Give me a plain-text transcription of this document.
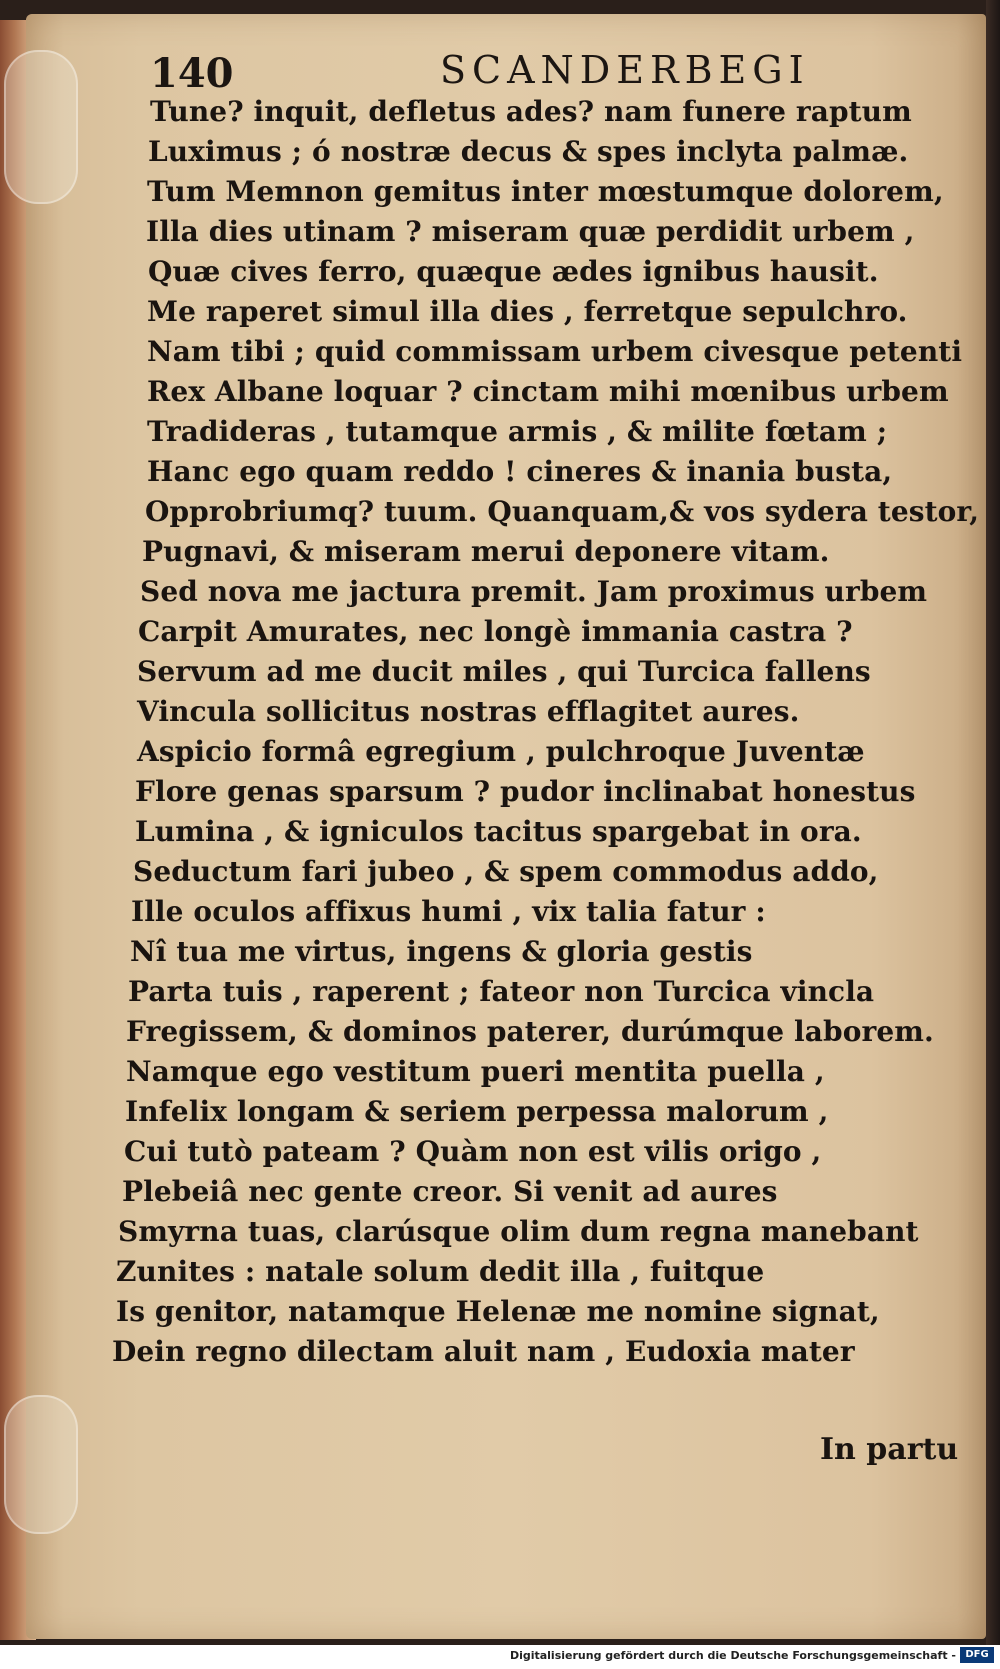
140	SCANDERBEGI
Tune? inquit, defletus ades? nam funere raptum
Luximus ; ó nostræ decus & spes inclyta palmæ.
Tum Memnon gemitus inter mœstumque dolorem,
Illa dies utinam ? miseram quæ perdidit urbem ,
Quæ cives ferro, quæque ædes ignibus hausit.
Me raperet simul illa dies , ferretque sepulchro.
Nam tibi ; quid commissam urbem civesque petenti
Rex Albane loquar ? cinctam mihi mœnibus urbem
Tradideras , tutamque armis , & milite fœtam ;
Hanc ego quam reddo ! cineres & inania busta,
Opprobriumq? tuum. Quanquam,& vos sydera testor,
Pugnavi, & miseram merui deponere vitam.
Sed nova me jactura premit. Jam proximus urbem
Carpit Amurates, nec longè immania castra ?
Servum ad me ducit miles , qui Turcica fallens
Vincula sollicitus nostras efflagitet aures.
Aspicio formâ egregium , pulchroque Juventæ
Flore genas sparsum ? pudor inclinabat honestus
Lumina , & igniculos tacitus spargebat in ora.
Seductum fari jubeo , & spem commodus addo,
Ille oculos affixus humi , vix talia fatur :
Nî tua me virtus, ingens & gloria gestis
Parta tuis , raperent ; fateor non Turcica vincla
Fregissem, & dominos paterer, durúmque laborem.
Namque ego vestitum pueri mentita puella ,
Infelix longam & seriem perpessa malorum ,
Cui tutò pateam ? Quàm non est vilis origo ,
Plebeiâ nec gente creor. Si venit ad aures
Smyrna tuas, clarúsque olim dum regna manebant
Zunites : natale solum dedit illa , fuitque
Is genitor, natamque Helenæ me nomine signat,
Dein regno dilectam aluit nam , Eudoxia mater
In partu
Digitalisierung gefördert durch die Deutsche Forschungsgemeinschaft - DFG
